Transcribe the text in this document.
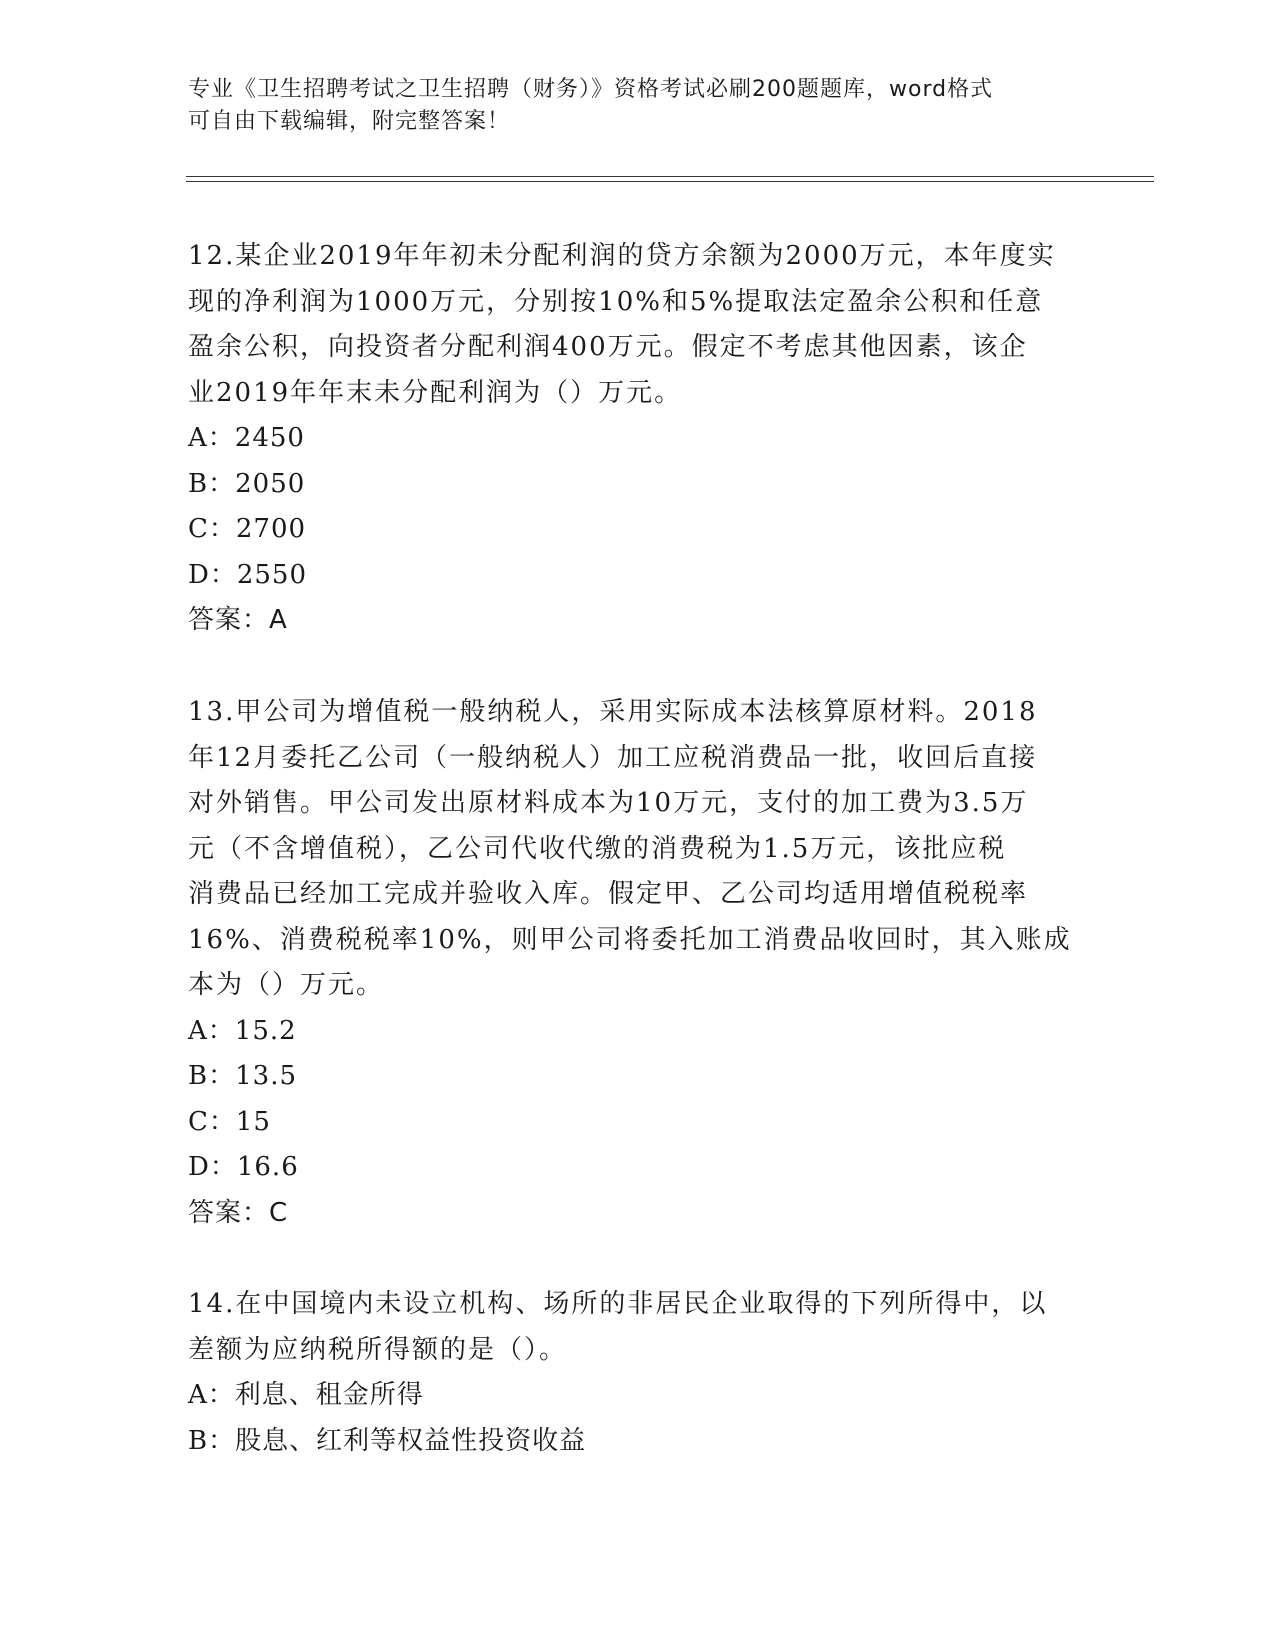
专业《卫生招聘考试之卫生招聘（财务）》资格考试必刷200题题库，word格式
可自由下载编辑，附完整答案！

12.某企业2019年年初未分配利润的贷方余额为2000万元，本年度实

现的净利润为1000万元，分别按10%和5%提取法定盈余公积和任意

盈余公积，向投资者分配利润400万元。假定不考虑其他因素，该企

业2019年年末未分配利润为（）万元。

A：2450

B：2050

C：2700

D：2550

答案：A

13.甲公司为增值税一般纳税人，采用实际成本法核算原材料。2018

年12月委托乙公司（一般纳税人）加工应税消费品一批，收回后直接

对外销售。甲公司发出原材料成本为10万元，支付的加工费为3.5万

元（不含增值税），乙公司代收代缴的消费税为1.5万元，该批应税

消费品已经加工完成并验收入库。假定甲、乙公司均适用增值税税率

16%、消费税税率10%，则甲公司将委托加工消费品收回时，其入账成

本为（）万元。

A：15.2

B：13.5

C：15

D：16.6

答案：C

14.在中国境内未设立机构、场所的非居民企业取得的下列所得中，以

差额为应纳税所得额的是（）。

A：利息、租金所得

B：股息、红利等权益性投资收益
